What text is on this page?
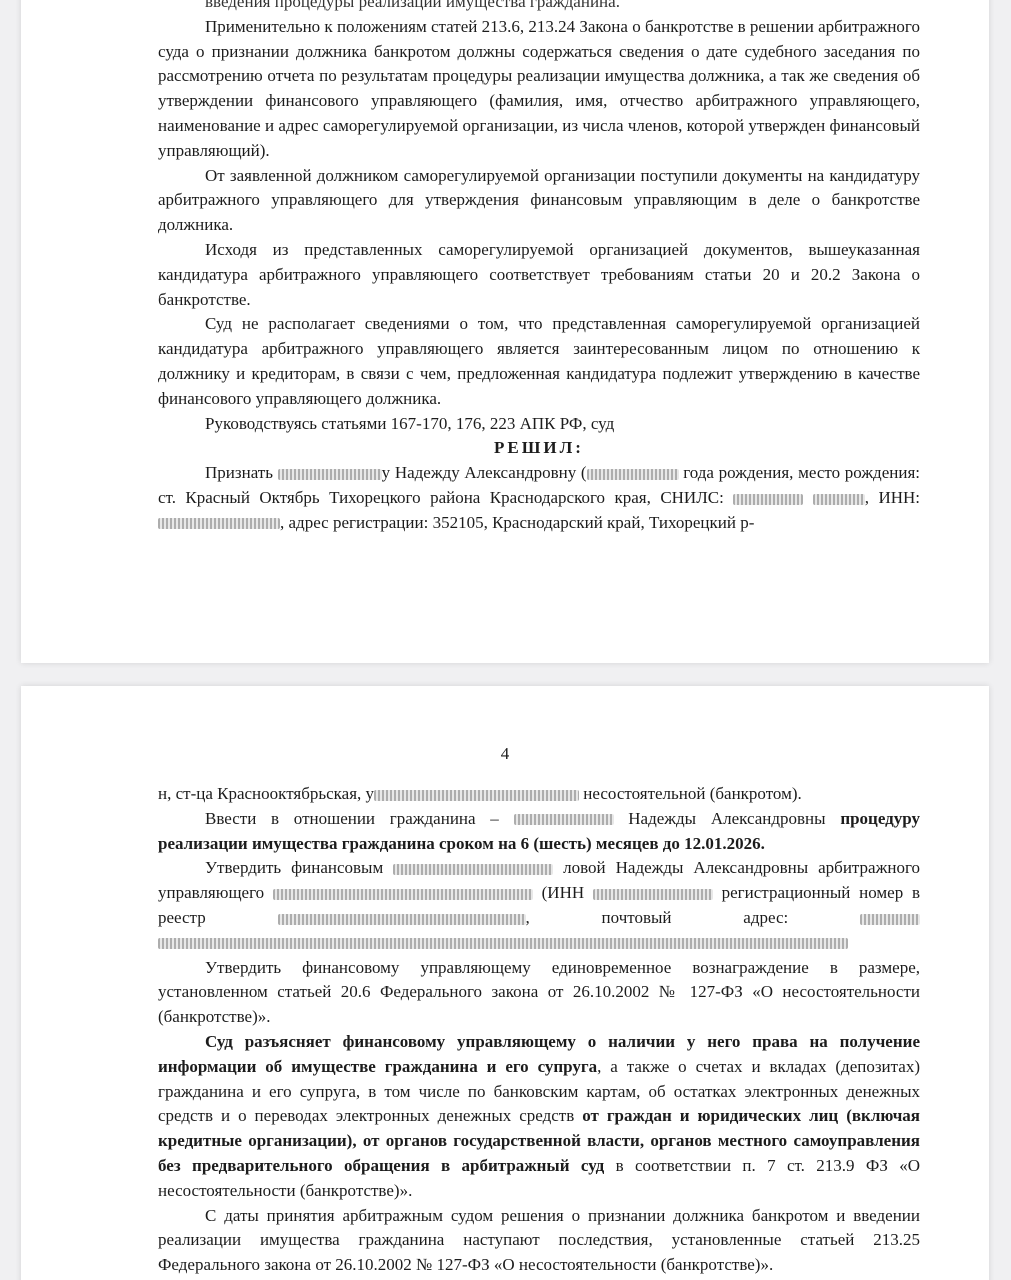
введения процедуры реализации имущества гражданина.

Применительно к положениям статей 213.6, 213.24 Закона о банкротстве в решении арбитражного суда о признании должника банкротом должны содержаться сведения о дате судебного заседания по рассмотрению отчета по результатам процедуры реализации имущества должника, а так же сведения об утверждении финансового управляющего (фамилия, имя, отчество арбитражного управляющего, наименование и адрес саморегулируемой организации, из числа членов, которой утвержден финансовый управляющий).

От заявленной должником саморегулируемой организации поступили документы на кандидатуру арбитражного управляющего для утверждения финансовым управляющим в деле о банкротстве должника.

Исходя из представленных саморегулируемой организацией документов, вышеуказанная кандидатура арбитражного управляющего соответствует требованиям статьи 20 и 20.2 Закона о банкротстве.

Суд не располагает сведениями о том, что представленная саморегулируемой организацией кандидатура арбитражного управляющего является заинтересованным лицом по отношению к должнику и кредиторам, в связи с чем, предложенная кандидатура подлежит утверждению в качестве финансового управляющего должника.

Руководствуясь статьями 167-170, 176, 223 АПК РФ, суд

РЕШИЛ:

Признать	у Надежду Александровну (	года рождения, место рождения: ст. Красный Октябрь Тихорецкого района Краснодарского края, СНИЛС:	, ИНН: , адрес регистрации: 352105, Краснодарский край, Тихорецкий р-

4

н, ст-ца Краснооктябрьская, у	несостоятельной (банкротом).

Ввести в отношении гражданина –	Надежды Александровны процедуру реализации имущества гражданина сроком на 6 (шесть) месяцев до 12.01.2026.

Утвердить финансовым	ловой Надежды Александровны арбитражного управляющего	(ИНН	регистрационный номер в реестр	, почтовый адрес:

Утвердить финансовому управляющему единовременное вознаграждение в размере, установленном статьей 20.6 Федерального закона от 26.10.2002 № 127-ФЗ «О несостоятельности (банкротстве)».

Суд разъясняет финансовому управляющему о наличии у него права на получение информации об имуществе гражданина и его супруга, а также о счетах и вкладах (депозитах) гражданина и его супруга, в том числе по банковским картам, об остатках электронных денежных средств и о переводах электронных денежных средств от граждан и юридических лиц (включая кредитные организации), от органов государственной власти, органов местного самоуправления без предварительного обращения в арбитражный суд в соответствии п. 7 ст. 213.9 ФЗ «О несостоятельности (банкротстве)».

С даты принятия арбитражным судом решения о признании должника банкротом и введении реализации имущества гражданина наступают последствия, установленные статьей 213.25 Федерального закона от 26.10.2002 № 127-ФЗ «О несостоятельности (банкротстве)».
